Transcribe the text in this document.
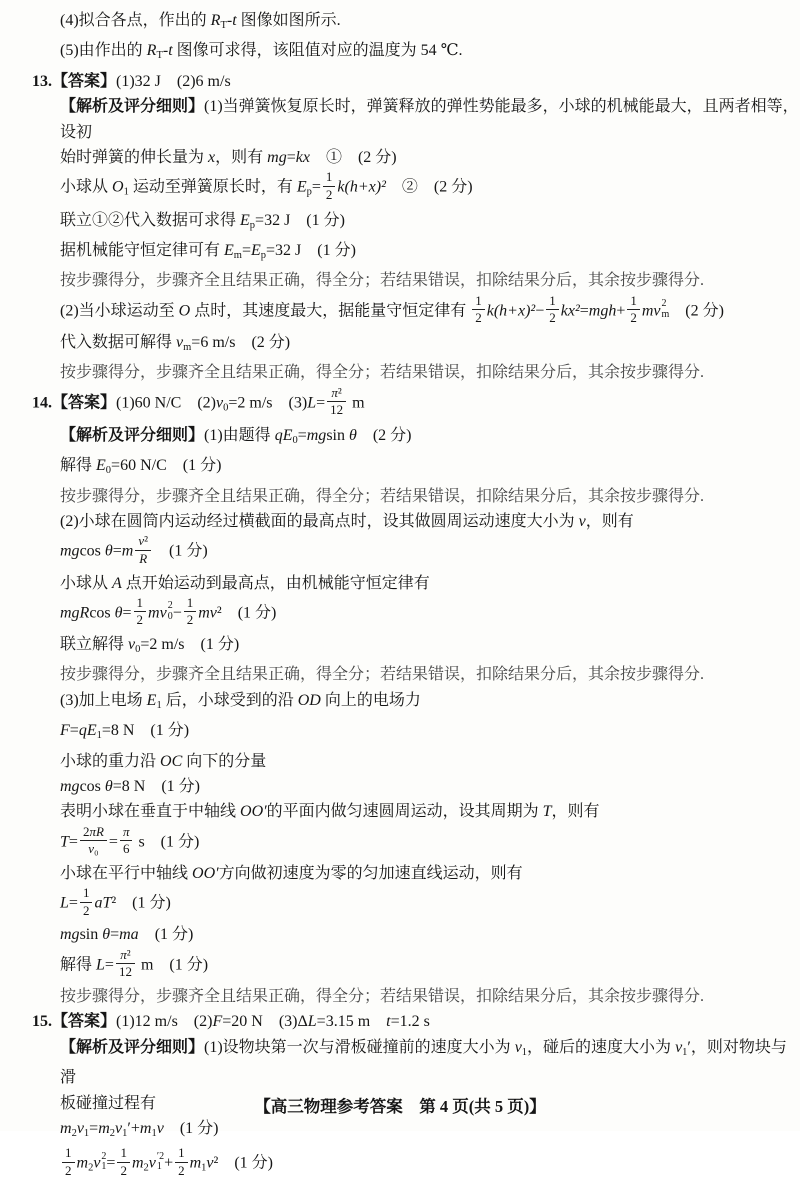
(4)拟合各点，作出的 $R_T-t$ 图像如图所示.
(5)由作出的 $R_T-t$ 图像可求得，该阻值对应的温度为 54 ℃.
13.【答案】(1)32 J　(2)6 m/s
【解析及评分细则】(1)当弹簧恢复原长时，弹簧释放的弹性势能最多，小球的机械能最大，且两者相等，设初
始时弹簧的伸长量为 x，则有 mg=kx　①　(2 分)
小球从 $O_1$ 运动至弹簧原长时，有 $E_p= \frac{1}{2} k(h+x)^2$　②　(2 分)
联立①②代入数据可求得 $E_p=32$ J　(1 分)
据机械能守恒定律可有 $E_m=E_p=32$ J　(1 分)
按步骤得分，步骤齐全且结果正确，得全分；若结果错误，扣除结果分后，其余按步骤得分.
(2)当小球运动至 O 点时，其速度最大，据能量守恒定律有 $\frac{1}{2} k(h+x)^2- \frac{1}{2} kx^2=mgh+ \frac{1}{2}$ mv 2
m 　(2 分)
代入数据可解得 $v_m=6$ m/s　(2 分)
按步骤得分，步骤齐全且结果正确，得全分；若结果错误，扣除结果分后，其余按步骤得分.
14.【答案】(1)60 N/C　$(2)v_0=2$ m/s　$(3)L= \frac{\text{π²}}{12}$ m
【解析及评分细则】(1)由题得 $qE_0=mgsin$ θ　(2 分)
解得 $E_0=60$ N/C　(1 分)
按步骤得分，步骤齐全且结果正确，得全分；若结果错误，扣除结果分后，其余按步骤得分.
(2)小球在圆筒内运动经过横截面的最高点时，设其做圆周运动速度大小为 v，则有
mgcos $\theta=m \frac{\text{v²}}{R}$ 　(1 分)
小球从 A 点开始运动到最高点，由机械能守恒定律有
mgRcos $\theta= \frac{1}{2}$ mv 2
$0 - \frac{1}{2} mv^2$　(1 分)
联立解得 $v_0=2$ m/s　(1 分)
按步骤得分，步骤齐全且结果正确，得全分；若结果错误，扣除结果分后，其余按步骤得分.
(3)加上电场 $E_1$ 后，小球受到的沿 OD 向上的电场力
$F=qE_1=8$ N　(1 分)
小球的重力沿 OC 向下的分量
mgcos θ=8 N　(1 分)
表明小球在垂直于中轴线 OO′的平面内做匀速圆周运动，设其周期为 T，则有
$T= \frac{2\pi R}{\text{v₀}} = \frac{\pi}{6}$ s　(1 分)
小球在平行中轴线 OO′方向做初速度为零的匀加速直线运动，则有
$L= \frac{1}{2} aT^2$　(1 分)
mgsin θ=ma　(1 分)
解得 $L= \frac{\text{π²}}{12}$ m　(1 分)
按步骤得分，步骤齐全且结果正确，得全分；若结果错误，扣除结果分后，其余按步骤得分.
15.【答案】(1)12 m/s　(2)F=20 N　(3)ΔL=3.15 m　t=1.2 s
【解析及评分细则】(1)设物块第一次与滑板碰撞前的速度大小为 $v_1$，碰后的速度大小为 $v_1'$，则对物块与滑
板碰撞过程有
$m_2v_1=m_2v_1'+m_1v$　(1 分)
$\frac{1}{2} m_2v$ 2
$1 = \frac{1}{2} m_2v$ ′2
$1 + \frac{1}{2} m_1v^2$　(1 分)
【高三物理参考答案　第 4 页(共 5 页)】
